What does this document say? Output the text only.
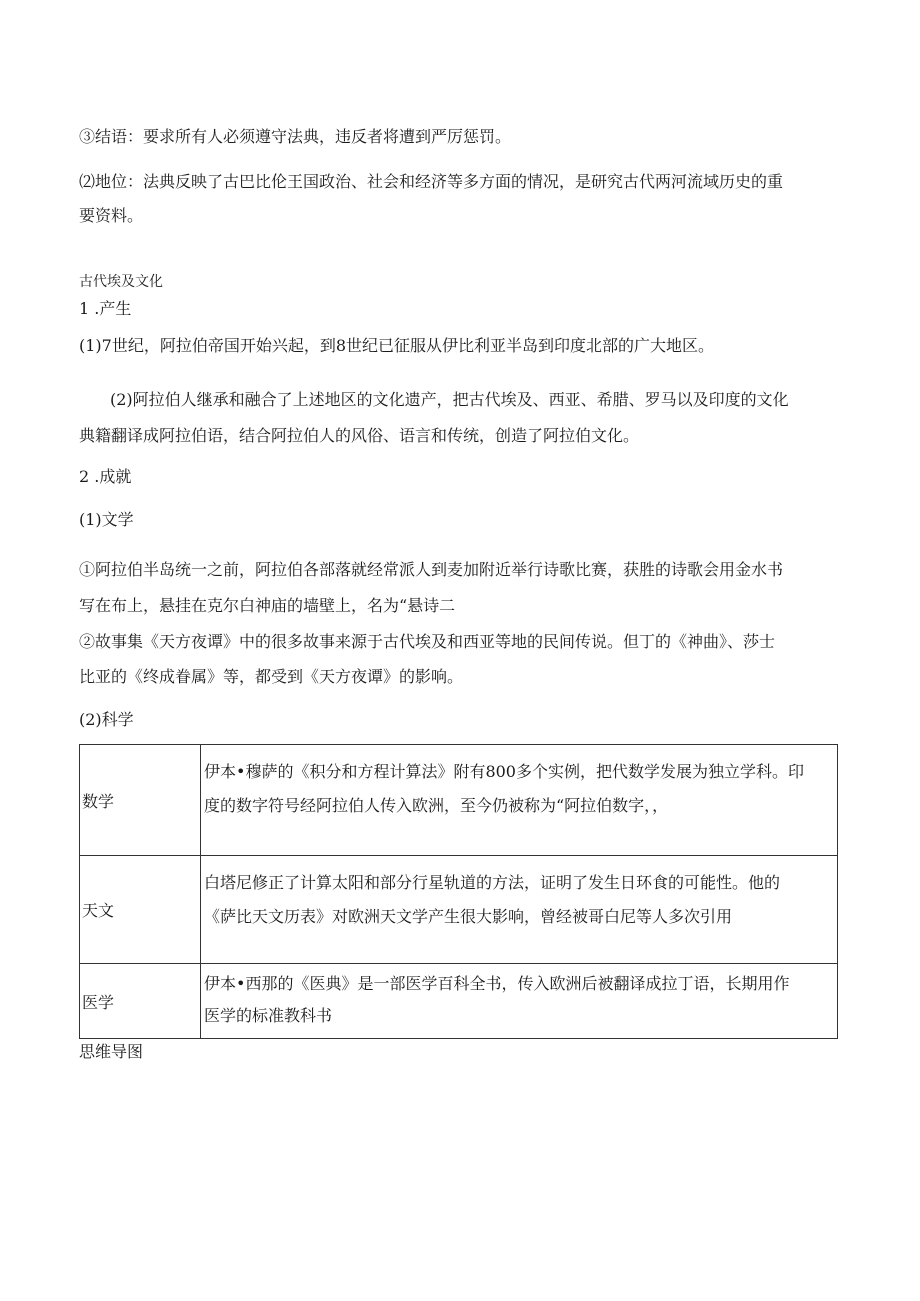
③结语：要求所有人必须遵守法典，违反者将遭到严厉惩罚。
⑵地位：法典反映了古巴比伦王国政治、社会和经济等多方面的情况，是研究古代两河流域历史的重
要资料。
古代埃及文化
1 .产生
(1)7世纪，阿拉伯帝国开始兴起，到8世纪已征服从伊比利亚半岛到印度北部的广大地区。
(2)阿拉伯人继承和融合了上述地区的文化遗产，把古代埃及、西亚、希腊、罗马以及印度的文化
典籍翻译成阿拉伯语，结合阿拉伯人的风俗、语言和传统，创造了阿拉伯文化。
2 .成就
(1)文学
①阿拉伯半岛统一之前，阿拉伯各部落就经常派人到麦加附近举行诗歌比赛，获胜的诗歌会用金水书
写在布上，悬挂在克尔白神庙的墙壁上，名为“悬诗二
②故事集《天方夜谭》中的很多故事来源于古代埃及和西亚等地的民间传说。但丁的《神曲》、莎士
比亚的《终成眷属》等，都受到《天方夜谭》的影响。
(2)科学
数学	伊本•穆萨的《积分和方程计算法》附有800多个实例，把代数学发展为独立学科。印
度的数字符号经阿拉伯人传入欧洲，至今仍被称为“阿拉伯数字，，

天文	白塔尼修正了计算太阳和部分行星轨道的方法，证明了发生日环食的可能性。他的
《萨比天文历表》对欧洲天文学产生很大影响，曾经被哥白尼等人多次引用

医学	伊本•西那的《医典》是一部医学百科全书，传入欧洲后被翻译成拉丁语，长期用作
医学的标准教科书
思维导图
